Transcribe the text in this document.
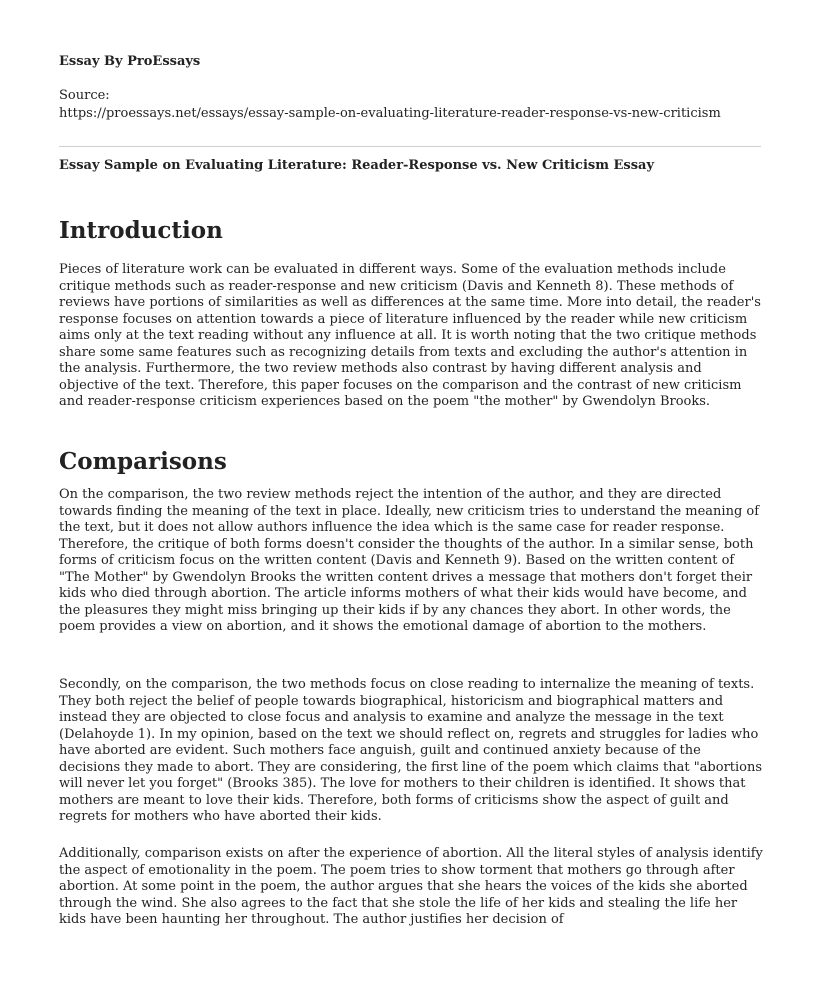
Essay By ProEssays

Source:
https://proessays.net/essays/essay-sample-on-evaluating-literature-reader-response-vs-new-criticism
Essay Sample on Evaluating Literature: Reader-Response vs. New Criticism Essay
Introduction

Pieces of literature work can be evaluated in different ways. Some of the evaluation methods include critique methods such as reader-response and new criticism (Davis and Kenneth 8). These methods of reviews have portions of similarities as well as differences at the same time. More into detail, the reader's response focuses on attention towards a piece of literature influenced by the reader while new criticism aims only at the text reading without any influence at all. It is worth noting that the two critique methods share some same features such as recognizing details from texts and excluding the author's attention in the analysis. Furthermore, the two review methods also contrast by having different analysis and objective of the text. Therefore, this paper focuses on the comparison and the contrast of new criticism and reader-response criticism experiences based on the poem "the mother" by Gwendolyn Brooks.

Comparisons

On the comparison, the two review methods reject the intention of the author, and they are directed towards finding the meaning of the text in place. Ideally, new criticism tries to understand the meaning of the text, but it does not allow authors influence the idea which is the same case for reader response. Therefore, the critique of both forms doesn't consider the thoughts of the author. In a similar sense, both forms of criticism focus on the written content (Davis and Kenneth 9). Based on the written content of "The Mother" by Gwendolyn Brooks the written content drives a message that mothers don't forget their kids who died through abortion. The article informs mothers of what their kids would have become, and the pleasures they might miss bringing up their kids if by any chances they abort. In other words, the poem provides a view on abortion, and it shows the emotional damage of abortion to the mothers.

Secondly, on the comparison, the two methods focus on close reading to internalize the meaning of texts. They both reject the belief of people towards biographical, historicism and biographical matters and instead they are objected to close focus and analysis to examine and analyze the message in the text (Delahoyde 1). In my opinion, based on the text we should reflect on, regrets and struggles for ladies who have aborted are evident. Such mothers face anguish, guilt and continued anxiety because of the decisions they made to abort. They are considering, the first line of the poem which claims that "abortions will never let you forget" (Brooks 385). The love for mothers to their children is identified. It shows that mothers are meant to love their kids. Therefore, both forms of criticisms show the aspect of guilt and regrets for mothers who have aborted their kids.

Additionally, comparison exists on after the experience of abortion. All the literal styles of analysis identify the aspect of emotionality in the poem. The poem tries to show torment that mothers go through after abortion. At some point in the poem, the author argues that she hears the voices of the kids she aborted through the wind. She also agrees to the fact that she stole the life of her kids and stealing the life her kids have been haunting her throughout. The author justifies her decision of
